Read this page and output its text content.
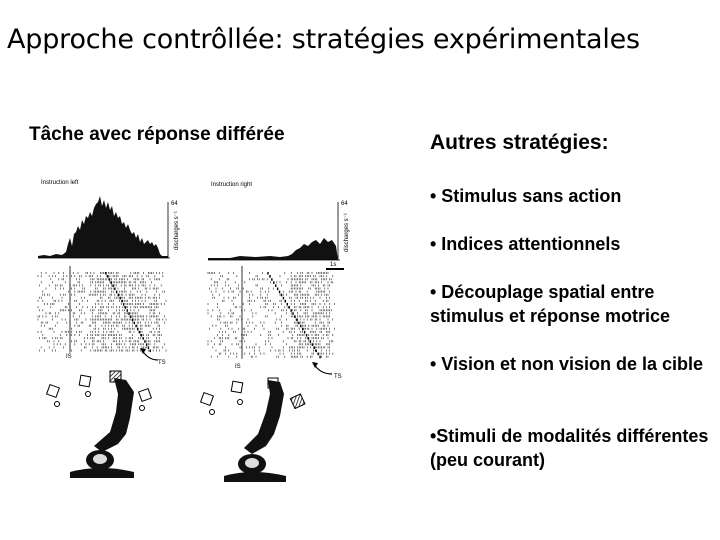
Approche contrôllée: stratégies expérimentales
Tâche avec réponse différée
Instruction left
64
discharges s⁻¹
IS
TS
Instruction right
64
discharges s⁻¹
1s
IS
TS
Autres stratégies:
• Stimulus sans action
• Indices attentionnels
• Découplage spatial entre stimulus et réponse motrice
• Vision et non vision de la cible
•Stimuli de modalités différentes (peu courant)
